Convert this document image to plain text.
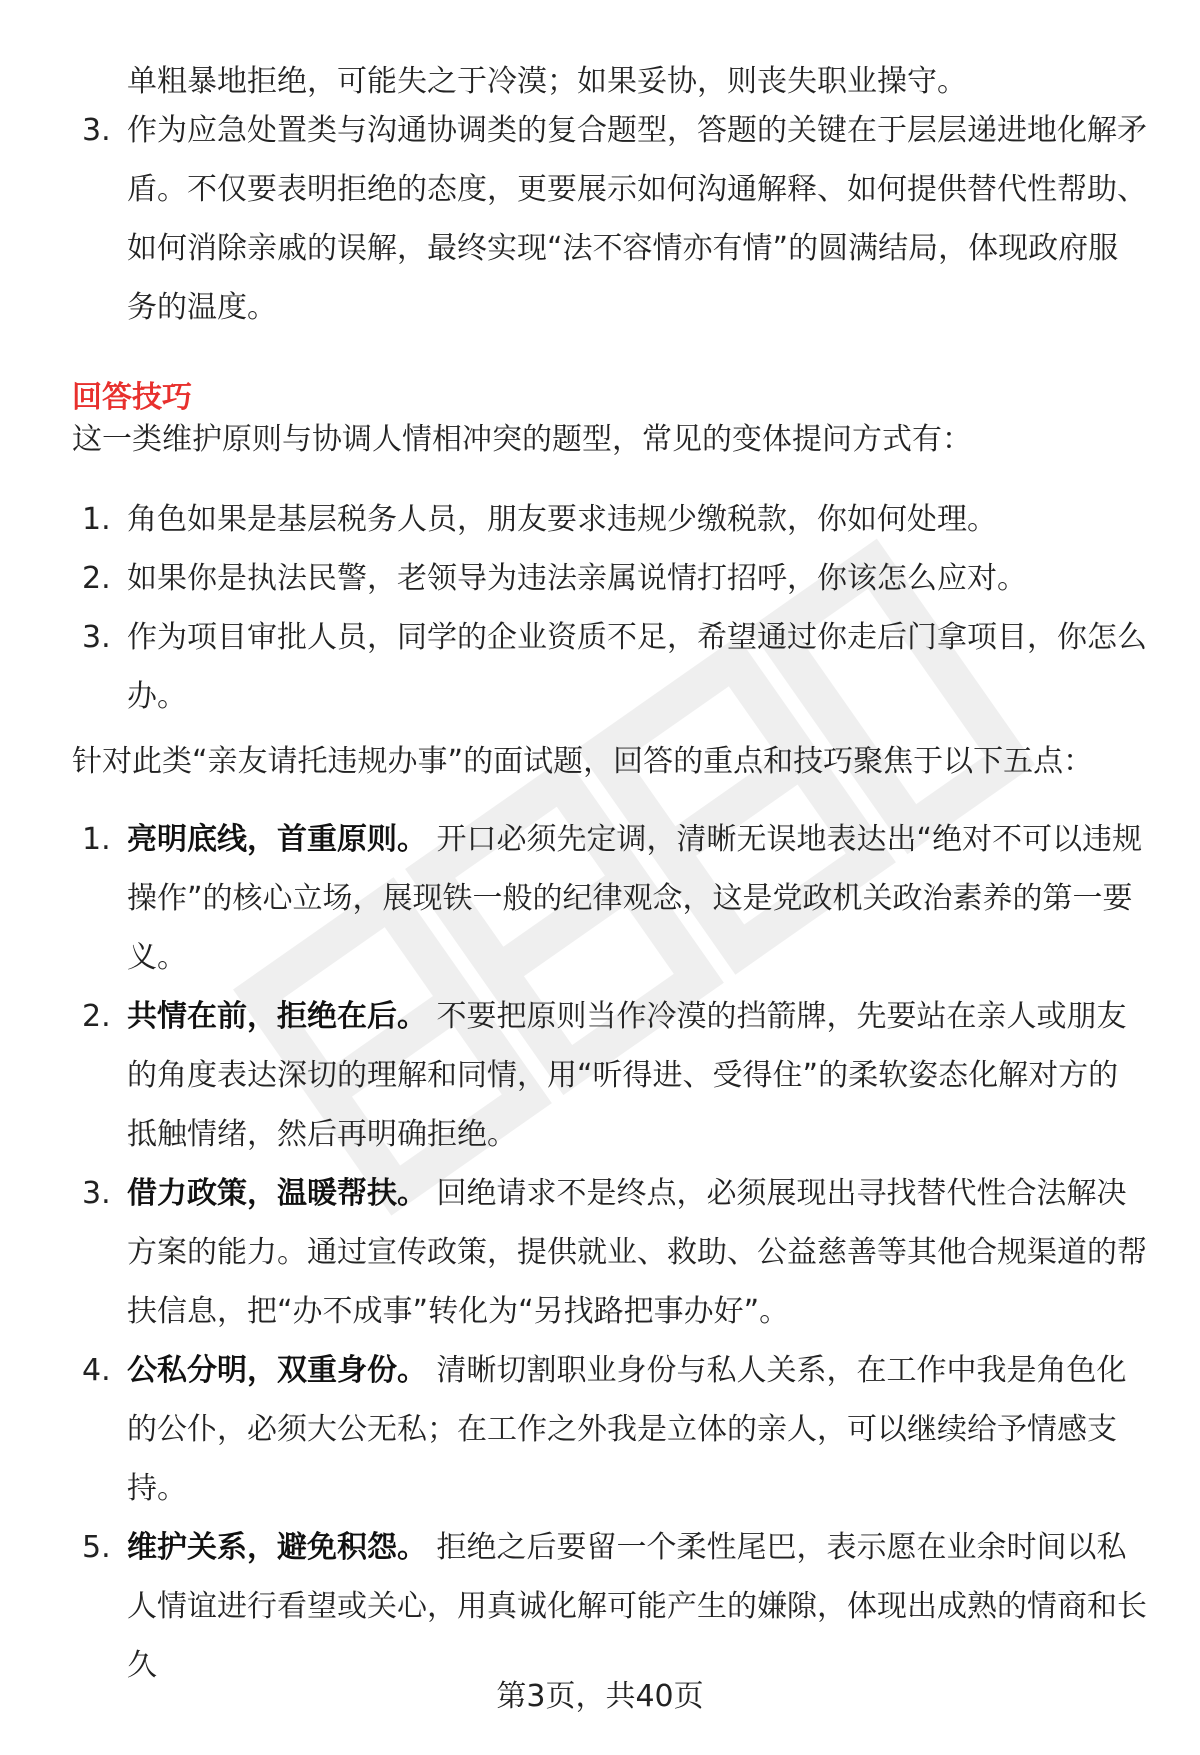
单粗暴地拒绝，可能失之于冷漠；如果妥协，则丧失职业操守。
3. 作为应急处置类与沟通协调类的复合题型，答题的关键在于层层递进地化解矛盾。不仅要表明拒绝的态度，更要展示如何沟通解释、如何提供替代性帮助、如何消除亲戚的误解，最终实现“法不容情亦有情”的圆满结局，体现政府服务的温度。
回答技巧
这一类维护原则与协调人情相冲突的题型，常见的变体提问方式有：
1. 角色如果是基层税务人员，朋友要求违规少缴税款，你如何处理。
2. 如果你是执法民警，老领导为违法亲属说情打招呼，你该怎么应对。
3. 作为项目审批人员，同学的企业资质不足，希望通过你走后门拿项目，你怎么办。
针对此类“亲友请托违规办事”的面试题，回答的重点和技巧聚焦于以下五点：
1. 亮明底线，首重原则。 开口必须先定调，清晰无误地表达出“绝对不可以违规操作”的核心立场，展现铁一般的纪律观念，这是党政机关政治素养的第一要义。
2. 共情在前，拒绝在后。 不要把原则当作冷漠的挡箭牌，先要站在亲人或朋友的角度表达深切的理解和同情，用“听得进、受得住”的柔软姿态化解对方的抵触情绪，然后再明确拒绝。
3. 借力政策，温暖帮扶。 回绝请求不是终点，必须展现出寻找替代性合法解决方案的能力。通过宣传政策，提供就业、救助、公益慈善等其他合规渠道的帮扶信息，把“办不成事”转化为“另找路把事办好”。
4. 公私分明，双重身份。 清晰切割职业身份与私人关系，在工作中我是角色化的公仆，必须大公无私；在工作之外我是立体的亲人，可以继续给予情感支持。
5. 维护关系，避免积怨。 拒绝之后要留一个柔性尾巴，表示愿在业余时间以私人情谊进行看望或关心，用真诚化解可能产生的嫌隙，体现出成熟的情商和长久
第3页，共40页
